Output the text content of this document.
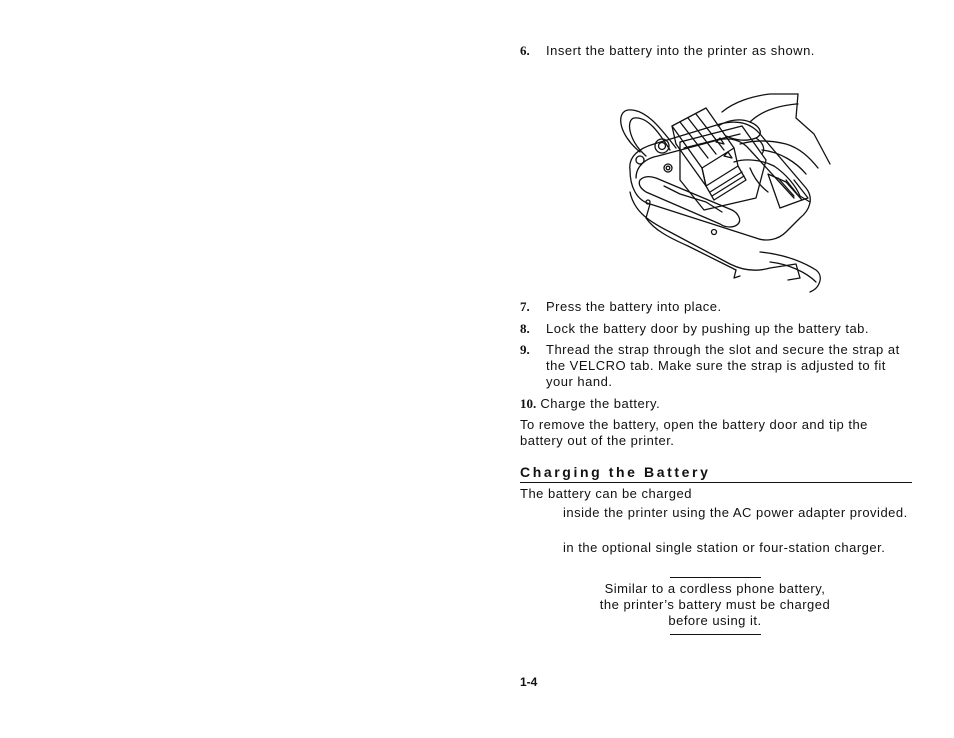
6. Insert the battery into the printer as shown.
7. Press the battery into place.
8. Lock the battery door by pushing up the battery tab.
9. Thread the strap through the slot and secure the strap at the VELCRO tab. Make sure the strap is adjusted to fit your hand.
10. Charge the battery.
To remove the battery, open the battery door and tip the battery out of the printer.
Charging the Battery
The battery can be charged
inside the printer using the AC power adapter provided.
in the optional single station or four-station charger.
Similar to a cordless phone battery,
the printer’s battery must be charged
before using it.
1-4
